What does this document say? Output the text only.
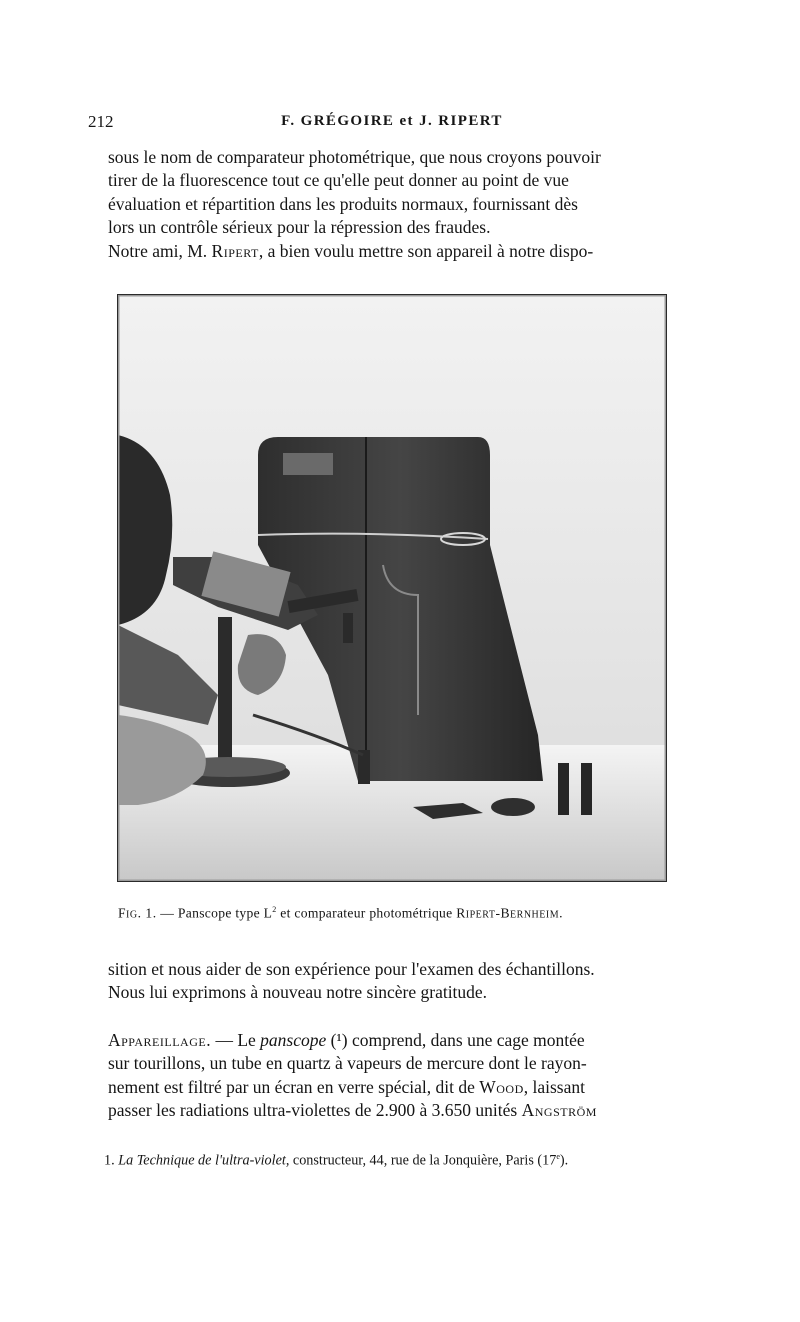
212	F. GRÉGOIRE et J. RIPERT

sous le nom de comparateur photométrique, que nous croyons pouvoir

tirer de la fluorescence tout ce qu'elle peut donner au point de vue

évaluation et répartition dans les produits normaux, fournissant dès

lors un contrôle sérieux pour la répression des fraudes.

Notre ami, M. Ripert, a bien voulu mettre son appareil à notre dispo-

Fig. 1. — Panscope type $L^2$ et comparateur photométrique Ripert-Bernheim.

sition et nous aider de son expérience pour l'examen des échantillons.

Nous lui exprimons à nouveau notre sincère gratitude.

Appareillage. — Le panscope (¹) comprend, dans une cage montée

sur tourillons, un tube en quartz à vapeurs de mercure dont le rayon-

nement est filtré par un écran en verre spécial, dit de Wood, laissant

passer les radiations ultra-violettes de 2.900 à 3.650 unités Angström

1. La Technique de l'ultra-violet, constructeur, 44, rue de la Jonquière, Paris (17e).
